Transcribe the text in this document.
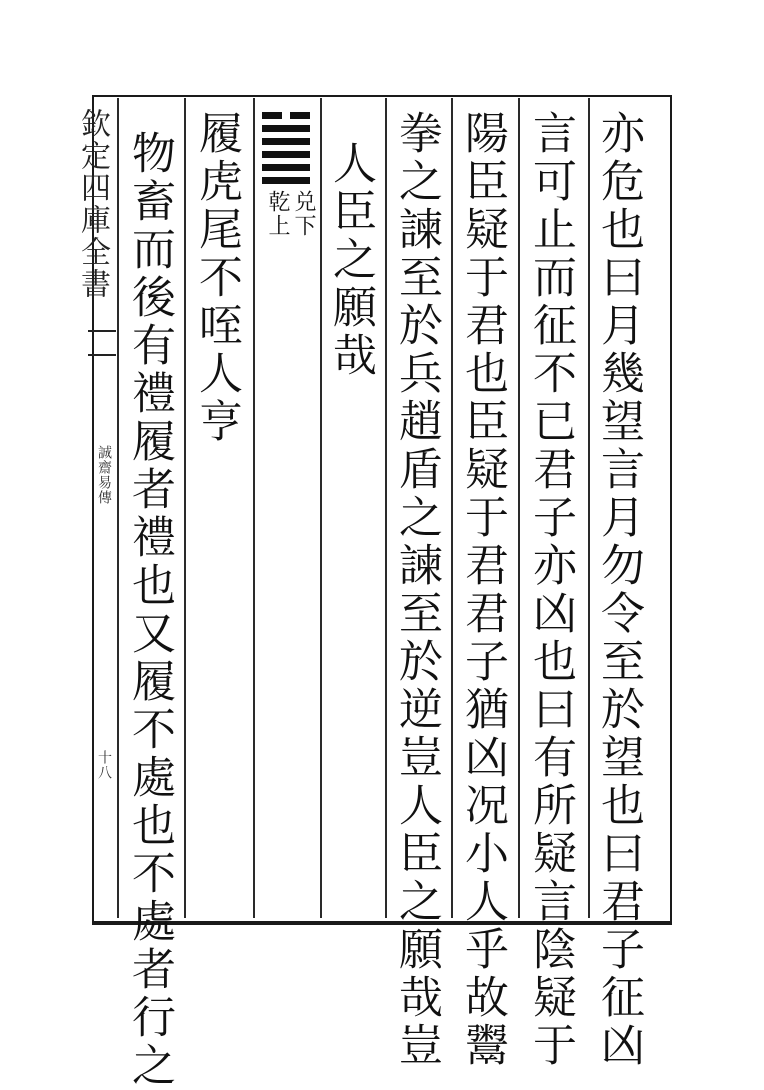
欽定四庫全書
誠齋易傳
十八	亦危也曰月幾望言月勿令至於望也曰君子征凶
言可止而征不已君子亦凶也曰有所疑言陰疑于
陽臣疑于君也臣疑于君君子猶凶况小人乎故鬻
拳之諫至於兵趙盾之諫至於逆豈人臣之願哉豈
人臣之願哉
兑下
乾上
履虎尾不咥人亨
物畜而後有禮履者禮也又履不處也不處者行之
